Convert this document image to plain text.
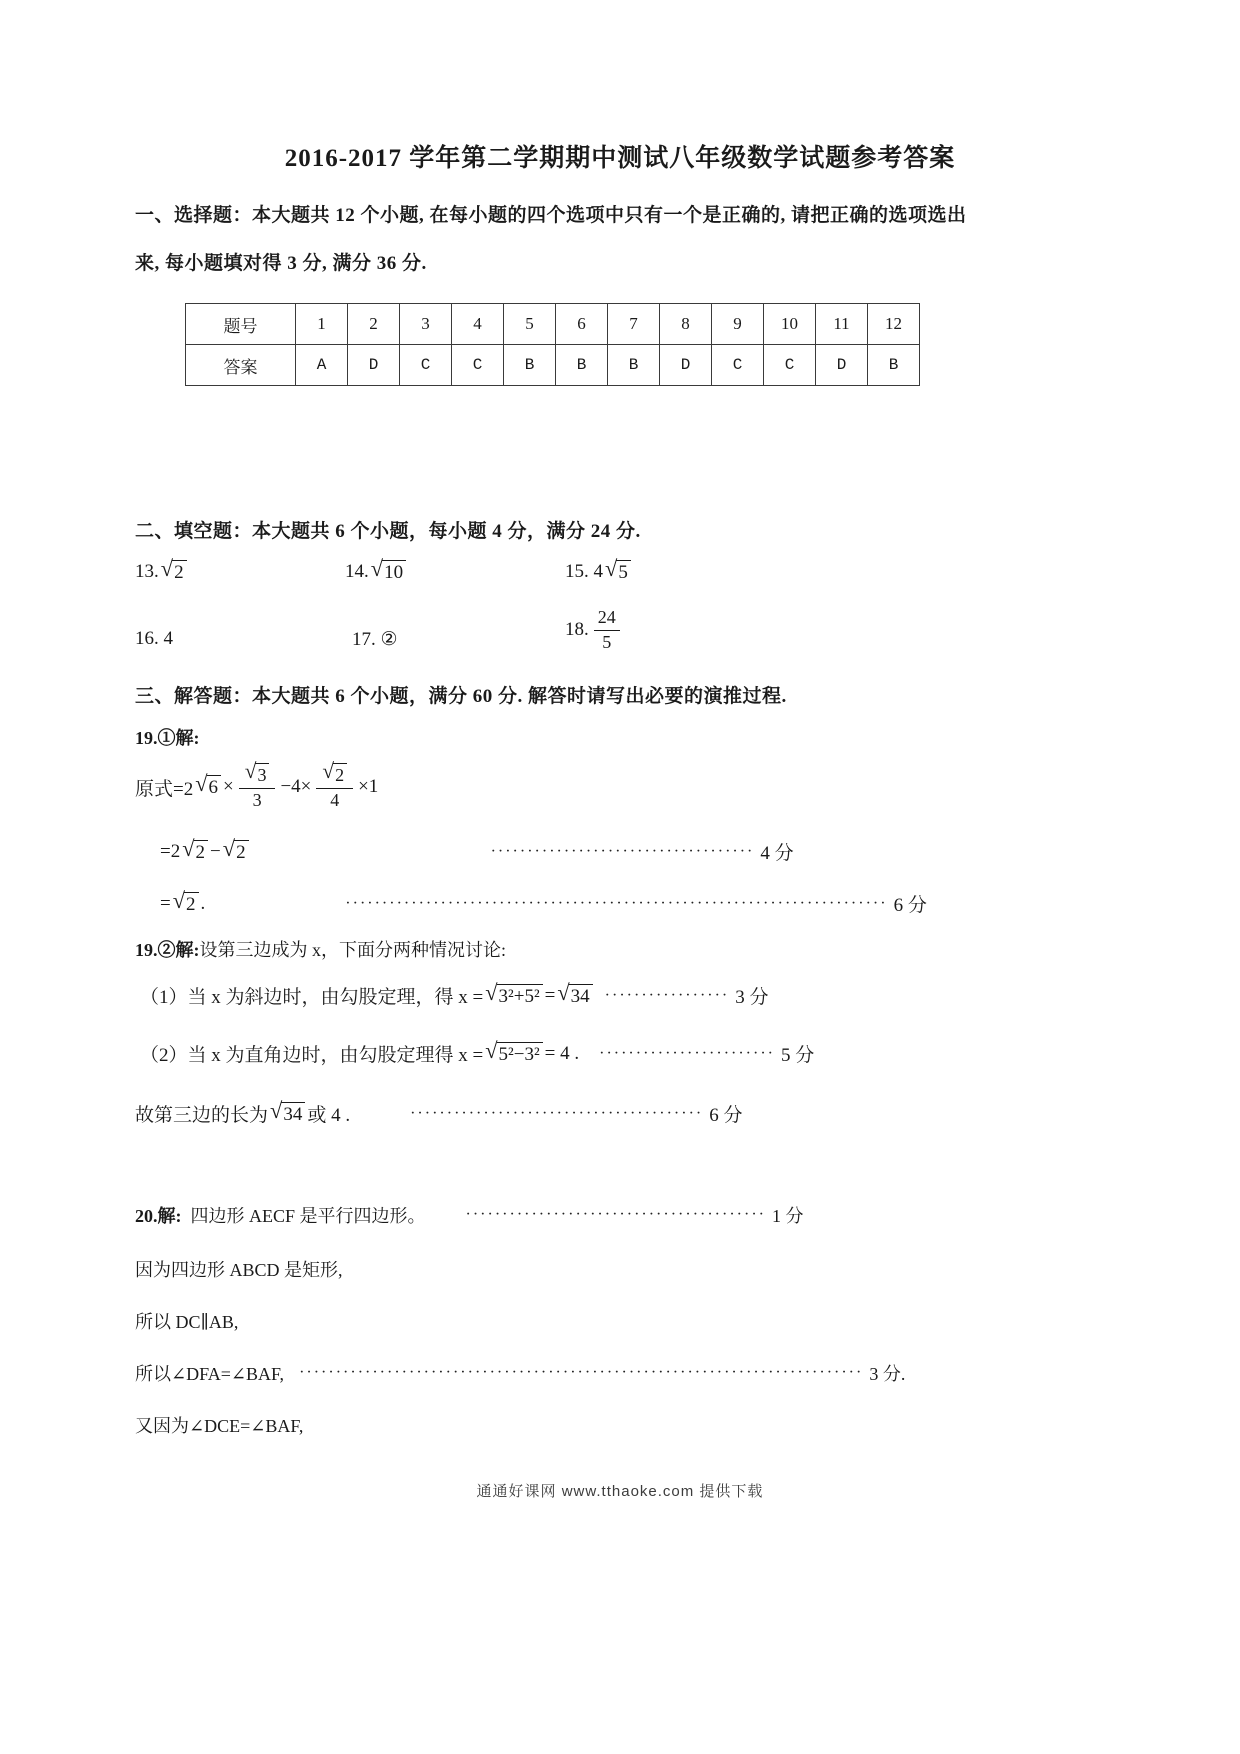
2016-2017 学年第二学期期中测试八年级数学试题参考答案
一、选择题：本大题共 12 个小题, 在每小题的四个选项中只有一个是正确的, 请把正确的选项选出
来, 每小题填对得 3 分, 满分 36 分.
题号	1	2	3	4	5	6	7	8	9	10	11	12
答案	A	D	C	C	B	B	B	D	C	C	D	B
二、填空题：本大题共 6 个小题，每小题 4 分，满分 24 分.
13. √ 2	14. √ 10	15. 4 √ 5
16. 4	17. ②	18. $\frac{24}{5}$
三、解答题：本大题共 6 个小题，满分 60 分. 解答时请写出必要的演推过程.
19.①解:
原式=2 √ $6 \times \frac{√ 3}{3} -4\times \frac{√ 2}{4} \times 1$
=2 √ 2 − √ 2	···································· 4 分
= √ 2 .	·········································································· 6 分
19.②解: 设第三边成为 x，下面分两种情况讨论:
（1）当 x 为斜边时，由勾股定理，得 x = √ 3²+5² = √ 34 ················· 3 分
（2）当 x 为直角边时，由勾股定理得 x = √ 5²−3² = 4 . ························ 5 分
故第三边的长为 √ 34 或 4 .	········································ 6 分
20.解: 四边形 AECF 是平行四边形。	········································· 1 分
因为四边形 ABCD 是矩形,
所以 DC∥AB,
所以∠DFA=∠BAF, ············································································· 3 分.
又因为∠DCE=∠BAF,
通通好课网 www.tthaoke.com 提供下载
